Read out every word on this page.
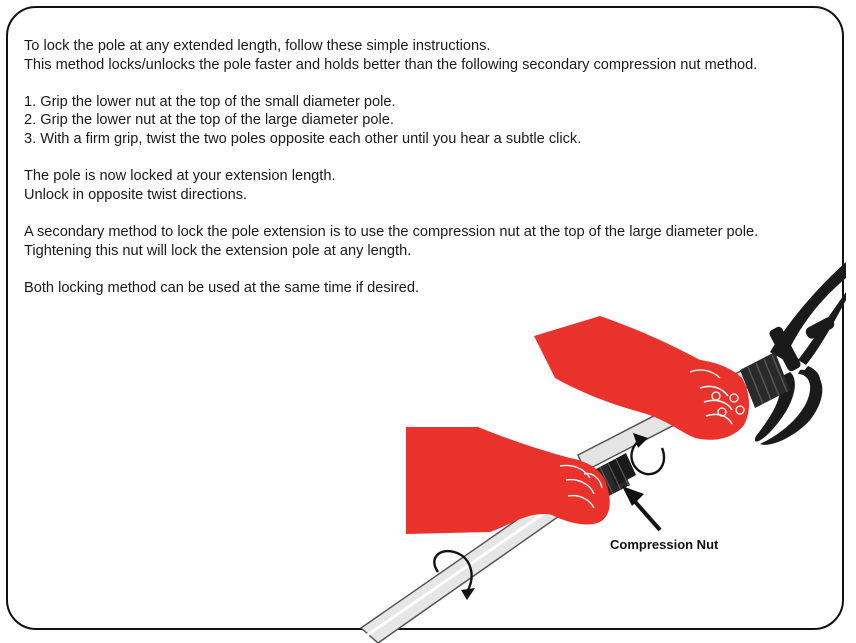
To lock the pole at any extended length, follow these simple instructions.

This method locks/unlocks the pole faster and holds better than the following secondary compression nut method.

1. Grip the lower nut at the top of the small diameter pole.

2. Grip the lower nut at the top of the large diameter pole.

3. With a firm grip, twist the two poles opposite each other until you hear a subtle click.

The pole is now locked at your extension length.

Unlock in opposite twist directions.

A secondary method to lock the pole extension is to use the compression nut at the top of the large diameter pole.

Tightening this nut will lock the extension pole at any length.

Both locking method can be used at the same time if desired.

Compression Nut
